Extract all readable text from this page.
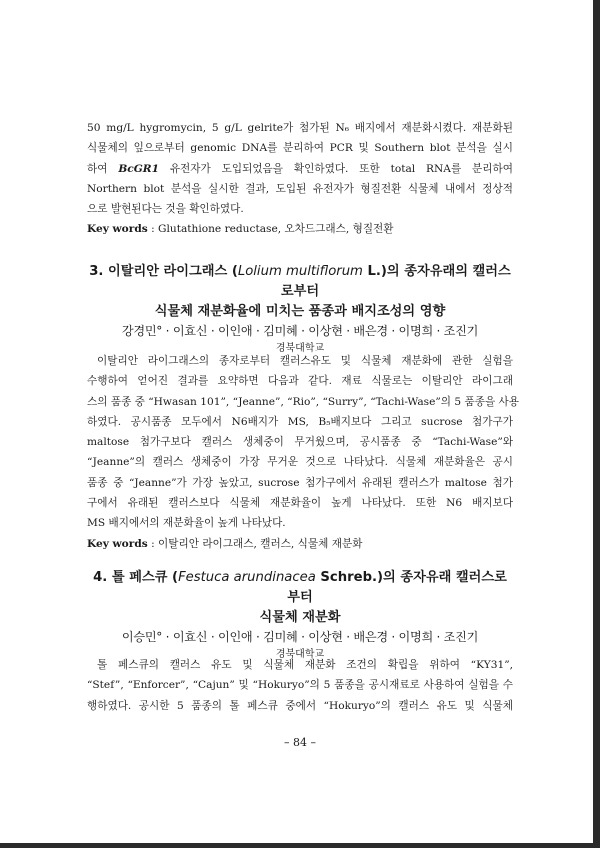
50 mg/L hygromycin, 5 g/L gelrite가 첨가된 N₆ 배지에서 재분화시켰다. 재분화된
식물체의 잎으로부터 genomic DNA를 분리하여 PCR 및 Southern blot 분석을 실시
하여 BcGR1 유전자가 도입되었음을 확인하였다. 또한 total RNA를 분리하여
Northern blot 분석을 실시한 결과, 도입된 유전자가 형질전환 식물체 내에서 정상적
으로 발현된다는 것을 확인하였다.

Key words : Glutathione reductase, 오차드그래스, 형질전환

3. 이탈리안 라이그래스 (Lolium multiflorum L.)의 종자유래의 캘러스로부터
식물체 재분화율에 미치는 품종과 배지조성의 영향

강경민° · 이효신 · 이인애 · 김미혜 · 이상현 · 배은경 · 이명희 · 조진기

경북대학교

이탈리안 라이그래스의 종자로부터 캘러스유도 및 식물체 재분화에 관한 실험을
수행하여 얻어진 결과를 요약하면 다음과 같다. 재료 식물로는 이탈리안 라이그래
스의 품종 중 “Hwasan 101”, “Jeanne”, “Rio”, “Surry”, “Tachi-Wase”의 5 품종을 사용
하였다. 공시품종 모두에서 N6배지가 MS, B₅배지보다 그리고 sucrose 첨가구가
maltose 첨가구보다 캘러스 생체중이 무거웠으며, 공시품종 중 “Tachi-Wase”와
“Jeanne”의 캘러스 생체중이 가장 무거운 것으로 나타났다. 식물체 재분화율은 공시
품종 중 “Jeanne”가 가장 높았고, sucrose 첨가구에서 유래된 캘러스가 maltose 첨가
구에서 유래된 캘러스보다 식물체 재분화율이 높게 나타났다. 또한 N6 배지보다
MS 배지에서의 재분화율이 높게 나타났다.

Key words : 이탈리안 라이그래스, 캘러스, 식물체 재분화

4. 톨 페스큐 (Festuca arundinacea Schreb.)의 종자유래 캘러스로부터
식물체 재분화

이승민° · 이효신 · 이인애 · 김미혜 · 이상현 · 배은경 · 이명희 · 조진기

경북대학교

톨 페스큐의 캘러스 유도 및 식물체 재분화 조건의 확립을 위하여 “KY31”,
“Stef”, “Enforcer”, “Cajun” 및 “Hokuryo”의 5 품종을 공시재료로 사용하여 실험을 수
행하였다. 공시한 5 품종의 톨 페스큐 중에서 “Hokuryo”의 캘러스 유도 및 식물체
– 84 –
